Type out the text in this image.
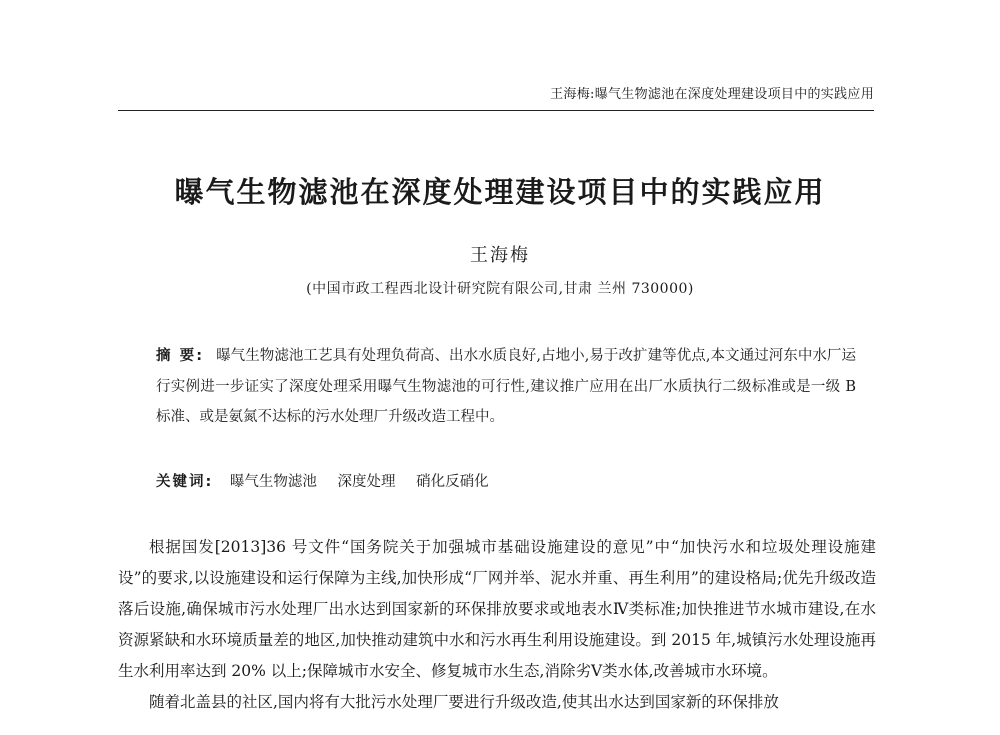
王海梅:曝气生物滤池在深度处理建设项目中的实践应用
曝气生物滤池在深度处理建设项目中的实践应用
王海梅
(中国市政工程西北设计研究院有限公司,甘肃 兰州 730000)
摘 要: 曝气生物滤池工艺具有处理负荷高、出水水质良好,占地小,易于改扩建等优点,本文通过河东中水厂运行实例进一步证实了深度处理采用曝气生物滤池的可行性,建议推广应用在出厂水质执行二级标准或是一级 B 标准、或是氨氮不达标的污水处理厂升级改造工程中。
关键词: 曝气生物滤池 深度处理 硝化反硝化

根据国发[2013]36 号文件“国务院关于加强城市基础设施建设的意见”中“加快污水和垃圾处理设施建设”的要求,以设施建设和运行保障为主线,加快形成“厂网并举、泥水并重、再生利用”的建设格局;优先升级改造落后设施,确保城市污水处理厂出水达到国家新的环保排放要求或地表水Ⅳ类标准;加快推进节水城市建设,在水资源紧缺和水环境质量差的地区,加快推动建筑中水和污水再生利用设施建设。到 2015 年,城镇污水处理设施再生水利用率达到 20% 以上;保障城市水安全、修复城市水生态,消除劣Ⅴ类水体,改善城市水环境。

随着北盖县的社区,国内将有大批污水处理厂要进行升级改造,使其出水达到国家新的环保排放
